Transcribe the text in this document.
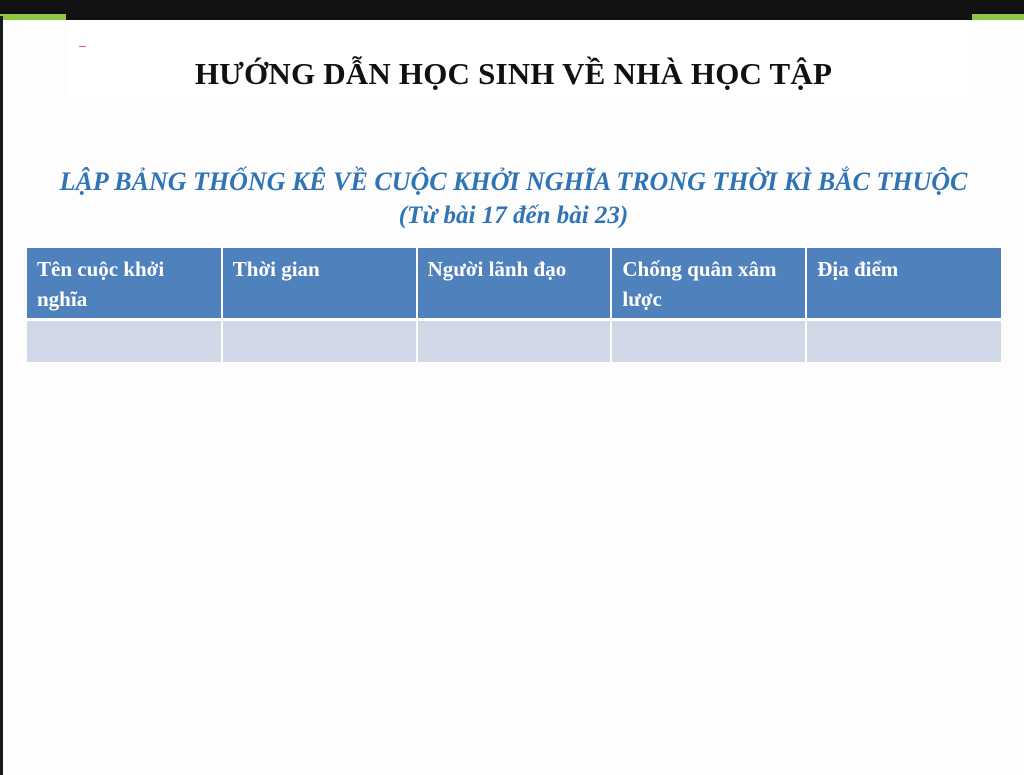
HƯỚNG DẪN HỌC SINH VỀ NHÀ HỌC TẬP
LẬP BẢNG THỐNG KÊ VỀ CUỘC KHỞI NGHĨA TRONG THỜI KÌ BẮC THUỘC
(Từ bài 17 đến bài 23)
Tên cuộc khởi nghĩa	Thời gian	Người lãnh đạo	Chống quân xâm lược	Địa điểm
